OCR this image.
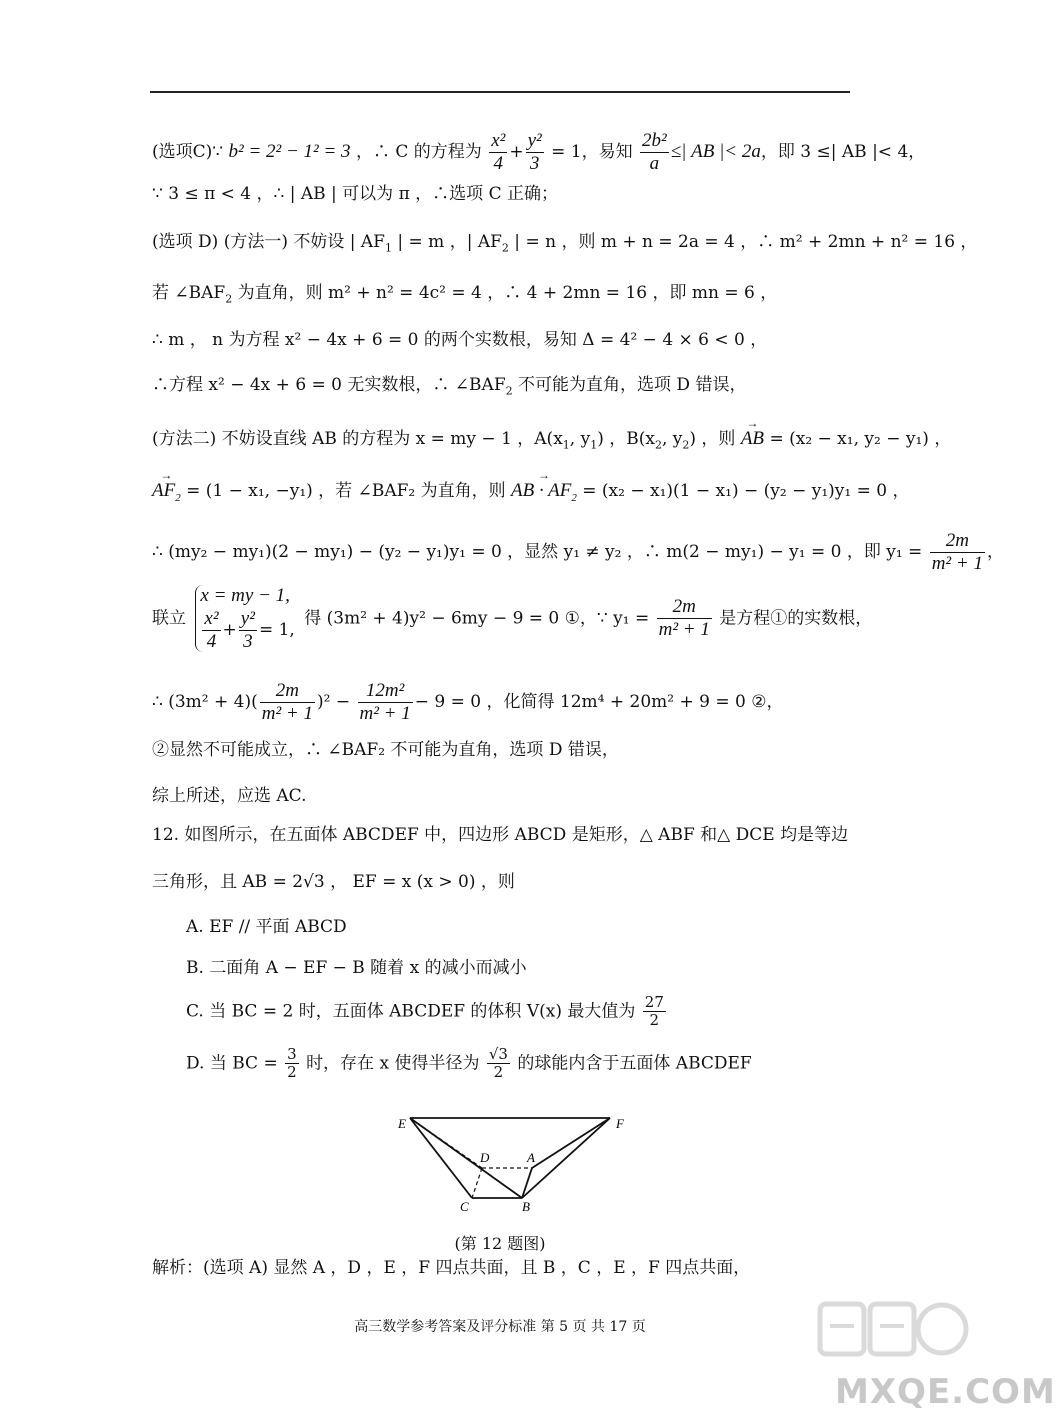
(选项C)∵ b² = 2² − 1² = 3 ，∴ C 的方程为 $\frac{\text{x²}}{4} + \frac{\text{y²}}{3} = 1$，易知 $\frac{\text{2b²}}{a}$ ≤| AB |< 2a，即 3 ≤| AB |< 4，
∵ 3 ≤ π < 4 ，∴ | AB | 可以为 π ，∴选项 C 正确；
(选项 D) (方法一) 不妨设 | $AF_1$ | = m ，| $AF_2$ | = n ，则 m + n = 2a = 4 ，∴ m² + 2mn + n² = 16 ，
若 $\angle BAF_2$ 为直角，则 m² + n² = 4c² = 4 ，∴ 4 + 2mn = 16 ，即 mn = 6 ，
∴ m ， n 为方程 x² − 4x + 6 = 0 的两个实数根，易知 Δ = 4² − 4 × 6 < 0 ，
∴方程 x² − 4x + 6 = 0 无实数根，∴ $\angle BAF_2$ 不可能为直角，选项 D 错误，
(方法二) 不妨设直线 AB 的方程为 x = my − 1 ，$A(x_1$, $y_1$) ，$B(x_2$, $y_2$) ，则 → AB = (x₂ − x₁, y₂ − y₁) ，
→ $AF_2 = (1 - x_1$, −y₁) ，若 ∠BAF₂ 为直角，则 → AB · $AF_2 = (x_2 - x_1)(1 - x_1) - (y_2 - y_1)y_1 = 0$ ，
∴ (my₂ − my₁)(2 − my₁) − (y₂ − y₁)y₁ = 0 ，显然 y₁ ≠ y₂ ，∴ m(2 − my₁) − y₁ = 0 ，即 $y_1 = \frac{2m}{\text{m² + 1}}$ ，
联立
x = my − 1,
$\frac{\text{x²}}{4} + \frac{\text{y²}}{3} = 1$,
得 (3m² + 4)y² − 6my − 9 = 0 ①，∵ $y_1 = \frac{2m}{\text{m² + 1}}$ 是方程①的实数根，
∴ $(3m^2 + 4)( \frac{2m}{\text{m² + 1}} )^2 - \frac{\text{12m²}}{\text{m² + 1}} - 9 = 0$ ，化简得 12m⁴ + 20m² + 9 = 0 ②，
②显然不可能成立，∴ ∠BAF₂ 不可能为直角，选项 D 错误，
综上所述，应选 AC.
12. 如图所示，在五面体 ABCDEF 中，四边形 ABCD 是矩形，△ ABF 和△ DCE 均是等边
三角形，且 AB = 2√3 ， EF = x (x > 0) ，则
A. EF // 平面 ABCD
B. 二面角 A − EF − B 随着 x 的减小而减小
C. 当 BC = 2 时，五面体 ABCDEF 的体积 V(x) 最大值为 $\frac{27}{2}$
D. 当 BC = $\frac{3}{2}$ 时，存在 x 使得半径为 $\frac{√3}{2}$ 的球能内含于五面体 ABCDEF
E	F
D	A
C	B
(第 12 题图)
解析：(选项 A) 显然 A ，D ，E ，F 四点共面，且 B ，C ，E ，F 四点共面，
高三数学参考答案及评分标准 第 5 页 共 17 页
MXQE.COM
